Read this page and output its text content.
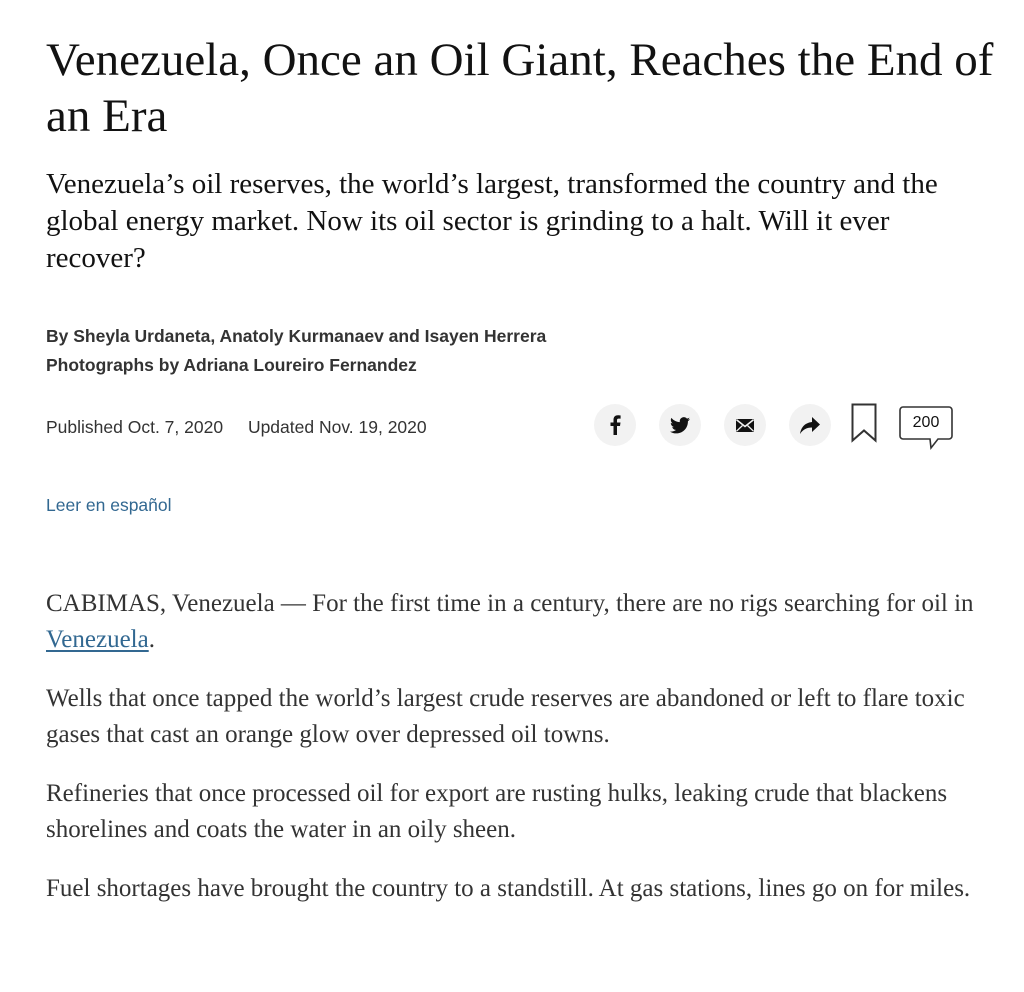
Venezuela, Once an Oil Giant, Reaches the End of an Era

Venezuela’s oil reserves, the world’s largest, transformed the country and the global energy market. Now its oil sector is grinding to a halt. Will it ever recover?

By Sheyla Urdaneta, Anatoly Kurmanaev and Isayen Herrera
Photographs by Adriana Loureiro Fernandez
Published Oct. 7, 2020 Updated Nov. 19, 2020	200
Leer en español

CABIMAS, Venezuela — For the first time in a century, there are no rigs searching for oil in Venezuela.

Wells that once tapped the world’s largest crude reserves are abandoned or left to flare toxic gases that cast an orange glow over depressed oil towns.

Refineries that once processed oil for export are rusting hulks, leaking crude that blackens shorelines and coats the water in an oily sheen.

Fuel shortages have brought the country to a standstill. At gas stations, lines go on for miles.
